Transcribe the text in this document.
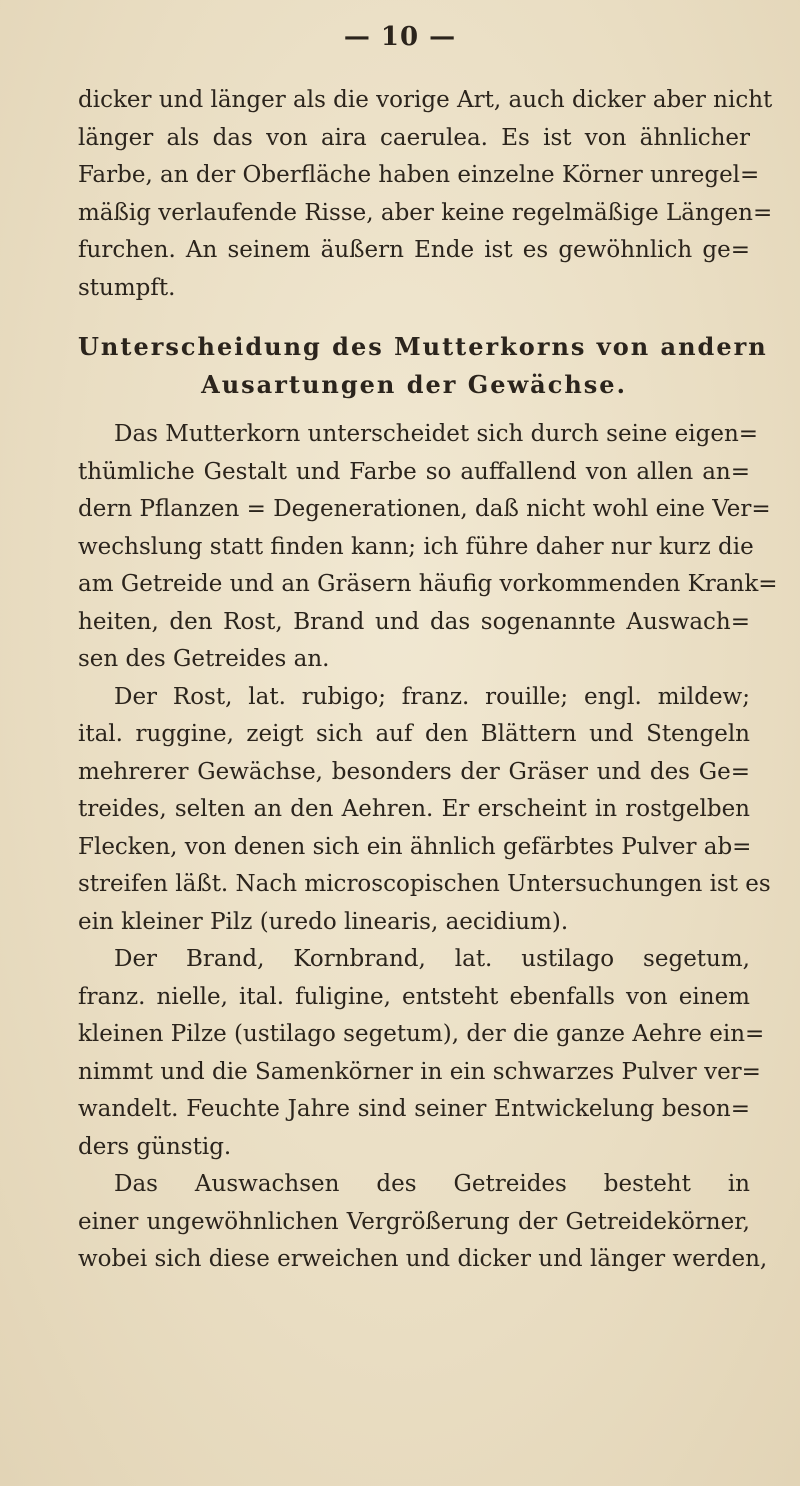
— 10 —
dicker und länger als die vorige Art, auch dicker aber nicht
länger als das von aira caerulea. Es ist von ähnlicher
Farbe, an der Oberfläche haben einzelne Körner unregel=
mäßig verlaufende Risse, aber keine regelmäßige Längen=
furchen. An seinem äußern Ende ist es gewöhnlich ge=
stumpft.
Unterscheidung des Mutterkorns von andern
Ausartungen der Gewächse.
Das Mutterkorn unterscheidet sich durch seine eigen=
thümliche Gestalt und Farbe so auffallend von allen an=
dern Pflanzen = Degenerationen, daß nicht wohl eine Ver=
wechslung statt finden kann; ich führe daher nur kurz die
am Getreide und an Gräsern häufig vorkommenden Krank=
heiten, den Rost, Brand und das sogenannte Auswach=
sen des Getreides an.
Der Rost, lat. rubigo; franz. rouille; engl. mildew;
ital. ruggine, zeigt sich auf den Blättern und Stengeln
mehrerer Gewächse, besonders der Gräser und des Ge=
treides, selten an den Aehren. Er erscheint in rostgelben
Flecken, von denen sich ein ähnlich gefärbtes Pulver ab=
streifen läßt. Nach microscopischen Untersuchungen ist es
ein kleiner Pilz (uredo linearis, aecidium).
Der Brand, Kornbrand, lat. ustilago segetum,
franz. nielle, ital. fuligine, entsteht ebenfalls von einem
kleinen Pilze (ustilago segetum), der die ganze Aehre ein=
nimmt und die Samenkörner in ein schwarzes Pulver ver=
wandelt. Feuchte Jahre sind seiner Entwickelung beson=
ders günstig.
Das Auswachsen des Getreides besteht in
einer ungewöhnlichen Vergrößerung der Getreidekörner,
wobei sich diese erweichen und dicker und länger werden,
